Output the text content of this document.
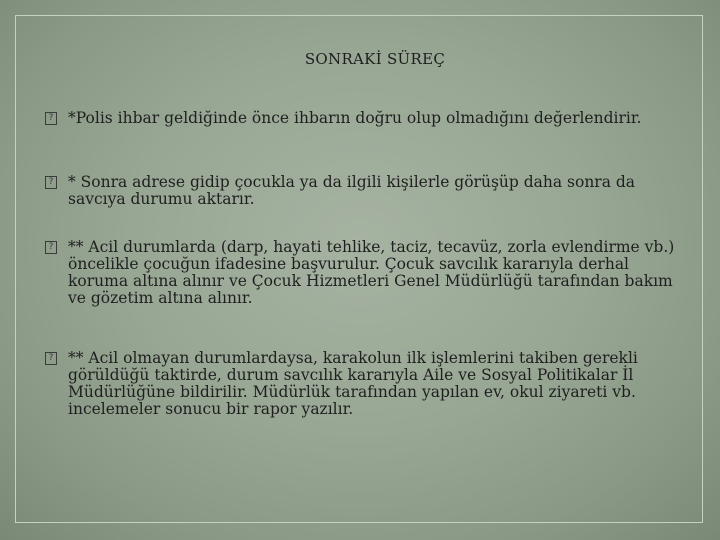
SONRAKİ SÜREÇ
? *Polis ihbar geldiğinde önce ihbarın doğru olup olmadığını değerlendirir.
? * Sonra adrese gidip çocukla ya da ilgili kişilerle görüşüp daha sonra da savcıya durumu aktarır.
? ** Acil durumlarda (darp, hayati tehlike, taciz, tecavüz, zorla evlendirme vb.) öncelikle çocuğun ifadesine başvurulur. Çocuk savcılık kararıyla derhal koruma altına alınır ve Çocuk Hizmetleri Genel Müdürlüğü tarafından bakım ve gözetim altına alınır.
? ** Acil olmayan durumlardaysa, karakolun ilk işlemlerini takiben gerekli görüldüğü taktirde, durum savcılık kararıyla Aile ve Sosyal Politikalar İl Müdürlüğüne bildirilir. Müdürlük tarafından yapılan ev, okul ziyareti vb. incelemeler sonucu bir rapor yazılır.
